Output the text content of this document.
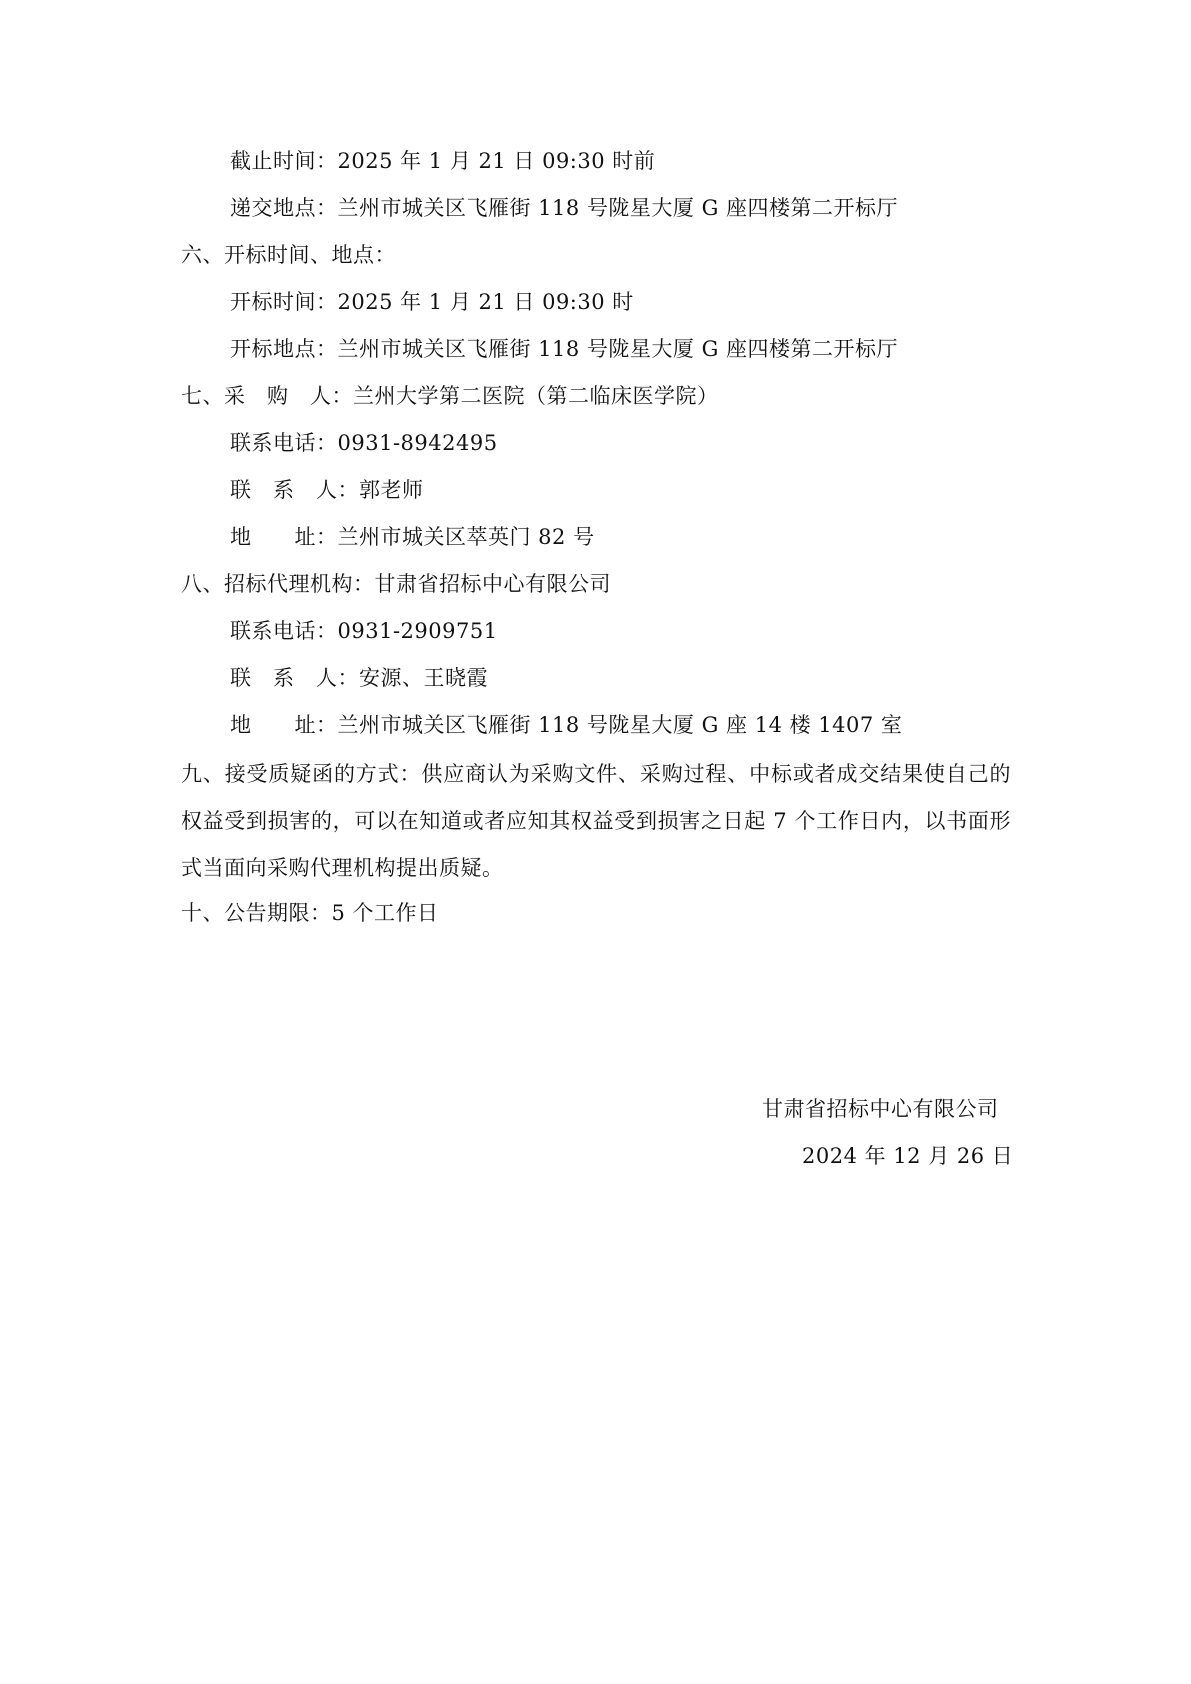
截止时间：2025 年 1 月 21 日 09:30 时前
递交地点：兰州市城关区飞雁街 118 号陇星大厦 G 座四楼第二开标厅
六、开标时间、地点：
开标时间：2025 年 1 月 21 日 09:30 时
开标地点：兰州市城关区飞雁街 118 号陇星大厦 G 座四楼第二开标厅
七、采　购　人：兰州大学第二医院（第二临床医学院）
联系电话：0931-8942495
联　系　人：郭老师
地　　址：兰州市城关区萃英门 82 号
八、招标代理机构：甘肃省招标中心有限公司
联系电话：0931-2909751
联　系　人：安源、王晓霞
地　　址：兰州市城关区飞雁街 118 号陇星大厦 G 座 14 楼 1407 室
九、接受质疑函的方式：供应商认为采购文件、采购过程、中标或者成交结果使自己的权益受到损害的，可以在知道或者应知其权益受到损害之日起 7 个工作日内，以书面形式当面向采购代理机构提出质疑。
十、公告期限：5 个工作日
甘肃省招标中心有限公司
2024 年 12 月 26 日
